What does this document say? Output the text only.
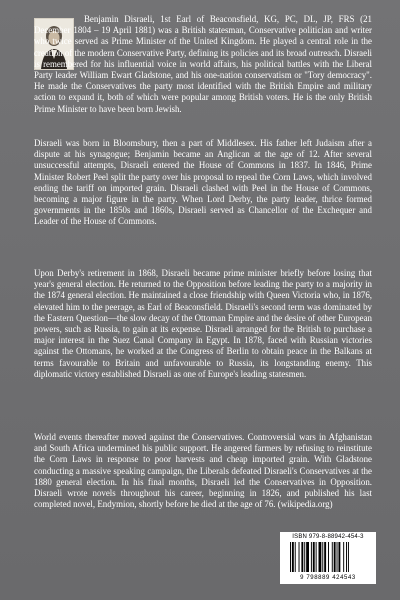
Benjamin Disraeli, 1st Earl of Beaconsfield, KG, PC, DL, JP, FRS (21 December 1804 – 19 April 1881) was a British statesman, Conservative politician and writer who twice served as Prime Minister of the United Kingdom. He played a central role in the creation of the modern Conservative Party, defining its policies and its broad outreach. Disraeli is remembered for his influential voice in world affairs, his political battles with the Liberal Party leader William Ewart Gladstone, and his one-nation conservatism or "Tory democracy". He made the Conservatives the party most identified with the British Empire and military action to expand it, both of which were popular among British voters. He is the only British Prime Minister to have been born Jewish.

Disraeli was born in Bloomsbury, then a part of Middlesex. His father left Judaism after a dispute at his synagogue; Benjamin became an Anglican at the age of 12. After several unsuccessful attempts, Disraeli entered the House of Commons in 1837. In 1846, Prime Minister Robert Peel split the party over his proposal to repeal the Corn Laws, which involved ending the tariff on imported grain. Disraeli clashed with Peel in the House of Commons, becoming a major figure in the party. When Lord Derby, the party leader, thrice formed governments in the 1850s and 1860s, Disraeli served as Chancellor of the Exchequer and Leader of the House of Commons.

Upon Derby's retirement in 1868, Disraeli became prime minister briefly before losing that year's general election. He returned to the Opposition before leading the party to a majority in the 1874 general election. He maintained a close friendship with Queen Victoria who, in 1876, elevated him to the peerage, as Earl of Beaconsfield. Disraeli's second term was dominated by the Eastern Question—the slow decay of the Ottoman Empire and the desire of other European powers, such as Russia, to gain at its expense. Disraeli arranged for the British to purchase a major interest in the Suez Canal Company in Egypt. In 1878, faced with Russian victories against the Ottomans, he worked at the Congress of Berlin to obtain peace in the Balkans at terms favourable to Britain and unfavourable to Russia, its longstanding enemy. This diplomatic victory established Disraeli as one of Europe's leading statesmen.

World events thereafter moved against the Conservatives. Controversial wars in Afghanistan and South Africa undermined his public support. He angered farmers by refusing to reinstitute the Corn Laws in response to poor harvests and cheap imported grain. With Gladstone conducting a massive speaking campaign, the Liberals defeated Disraeli's Conservatives at the 1880 general election. In his final months, Disraeli led the Conservatives in Opposition. Disraeli wrote novels throughout his career, beginning in 1826, and published his last completed novel, Endymion, shortly before he died at the age of 76. (wikipedia.org)

ISBN 979-8-88942-454-3
9 798889 424543
